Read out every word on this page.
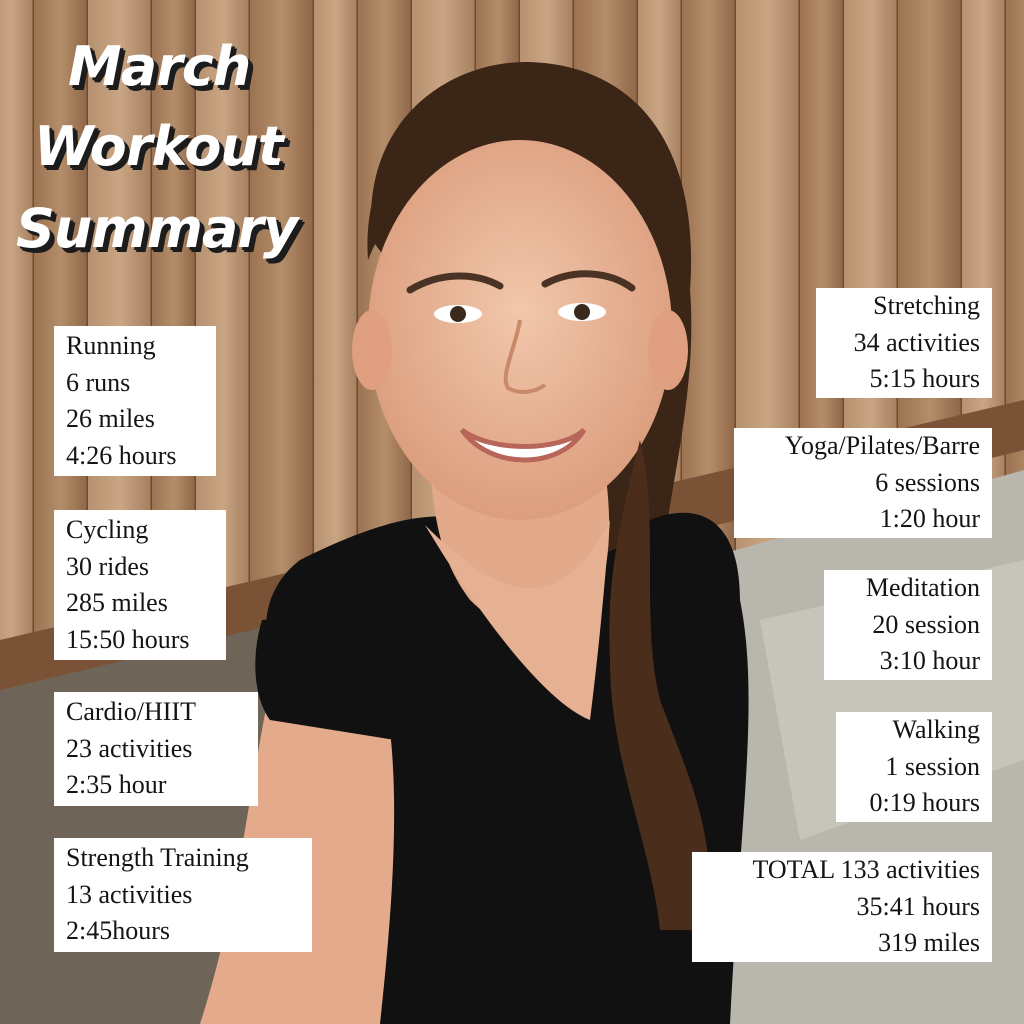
March
Workout
Summary
Running
6 runs
26 miles
4:26 hours
Cycling
30 rides
285 miles
15:50 hours
Cardio/HIIT
23 activities
2:35 hour
Strength Training
13 activities
2:45hours
Stretching
34 activities
5:15 hours
Yoga/Pilates/Barre
6 sessions
1:20 hour
Meditation
20 session
3:10 hour
Walking
1 session
0:19 hours
TOTAL 133 activities
35:41 hours
319 miles
